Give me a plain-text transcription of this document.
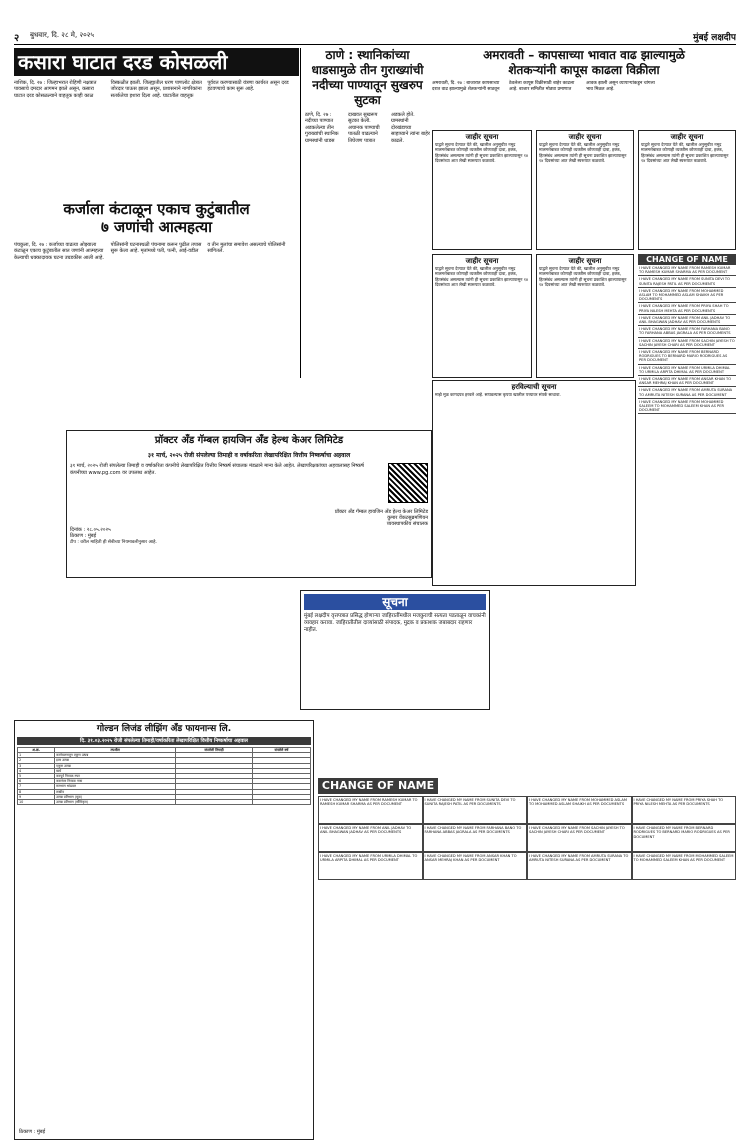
२ बुधवार, दि. २८ मे, २०२५	मुंबई लक्षदीप
कसारा घाटात दरड कोसळली
नाशिक, दि. २७ : जिल्हाभरात रोहिणी नक्षत्रात पावसाचे दमदार आगमन झाले असून, कसारा घाटात दरड कोसळल्याने वाहतूक काही काळ विस्कळीत झाली. जिल्ह्यातील धरण पाणलोट क्षेत्रात जोरदार पाऊस झाला असून, प्रशासनाने नागरिकांना सतर्कतेचा इशारा दिला आहे. घाटातील वाहतूक पूर्ववत करण्यासाठी यंत्रणा कार्यरत असून दरड हटवण्याचे काम सुरू आहे.
कर्जाला कंटाळून एकाच कुटुंबातील
७ जणांची आत्महत्या
पंचकुला, दि. २७ : कर्जाच्या वाढत्या ओझ्याला कंटाळून एकाच कुटुंबातील सात जणांनी आत्महत्या केल्याची धक्कादायक घटना उघडकीस आली आहे. पोलिसांनी घटनास्थळी पंचनामा करून पुढील तपास सुरू केला आहे. मृतांमध्ये पती, पत्नी, आई-वडील व तीन मुलांचा समावेश असल्याचे पोलिसांनी सांगितले.
ठाणे : स्थानिकांच्या धाडसामुळे तीन गुराख्यांची नदीच्या पाण्यातून सुखरुप सुटका
ठाणे, दि. २७ : नदीच्या पाण्यात अडकलेल्या तीन गुराख्यांची स्थानिक ग्रामस्थांनी धाडस दाखवत सुखरूप सुटका केली. अचानक पाण्याची पातळी वाढल्याने तिघेजण पात्रात अडकले होते. ग्रामस्थांनी दोरखंडाच्या साहाय्याने त्यांना बाहेर काढले.
अमरावती – कापसाच्या भावात वाढ झाल्यामुळे
शेतकऱ्यांनी कापूस काढला विक्रीला
अमरावती, दि. २७ : बाजारात कापसाच्या दरात वाढ झाल्यामुळे शेतकऱ्यांनी साठवून ठेवलेला कापूस विक्रीसाठी बाहेर काढला आहे. बाजार समितीत मोठ्या प्रमाणात आवक झाली असून व्यापाऱ्यांकडून चांगला भाव मिळत आहे.
जाहीर सूचना
याद्वारे सूचना देण्यात येते की, खालील अनुसूचीत नमूद मालमत्तेबाबत कोणाही व्यक्तीस कोणताही दावा, हक्क, हितसंबंध असल्यास त्यांनी ही सूचना प्रकाशित झाल्यापासून १४ दिवसांच्या आत लेखी स्वरूपात कळवावे.
जाहीर सूचना
याद्वारे सूचना देण्यात येते की, खालील अनुसूचीत नमूद मालमत्तेबाबत कोणाही व्यक्तीस कोणताही दावा, हक्क, हितसंबंध असल्यास त्यांनी ही सूचना प्रकाशित झाल्यापासून १४ दिवसांच्या आत लेखी स्वरूपात कळवावे.
जाहीर सूचना
याद्वारे सूचना देण्यात येते की, खालील अनुसूचीत नमूद मालमत्तेबाबत कोणाही व्यक्तीस कोणताही दावा, हक्क, हितसंबंध असल्यास त्यांनी ही सूचना प्रकाशित झाल्यापासून १४ दिवसांच्या आत लेखी स्वरूपात कळवावे.
जाहीर सूचना
याद्वारे सूचना देण्यात येते की, खालील अनुसूचीत नमूद मालमत्तेबाबत कोणाही व्यक्तीस कोणताही दावा, हक्क, हितसंबंध असल्यास त्यांनी ही सूचना प्रकाशित झाल्यापासून १४ दिवसांच्या आत लेखी स्वरूपात कळवावे.
जाहीर सूचना
याद्वारे सूचना देण्यात येते की, खालील अनुसूचीत नमूद मालमत्तेबाबत कोणाही व्यक्तीस कोणताही दावा, हक्क, हितसंबंध असल्यास त्यांनी ही सूचना प्रकाशित झाल्यापासून १४ दिवसांच्या आत लेखी स्वरूपात कळवावे.
CHANGE OF NAME
I HAVE CHANGED MY NAME FROM RAMESH KUMAR TO RAMESH KUMAR SHARMA AS PER DOCUMENT
I HAVE CHANGED MY NAME FROM SUNITA DEVI TO SUNITA RAJESH PATIL AS PER DOCUMENTS
I HAVE CHANGED MY NAME FROM MOHAMMED ASLAM TO MOHAMMED ASLAM SHAIKH AS PER DOCUMENTS
I HAVE CHANGED MY NAME FROM PRIYA SHAH TO PRIYA NILESH MEHTA AS PER DOCUMENTS
I HAVE CHANGED MY NAME FROM ANIL JADHAV TO ANIL BHAGWAN JADHAV AS PER DOCUMENTS
I HAVE CHANGED MY NAME FROM FARHANA BANO TO FARHANA ABBAS JAGRALA AS PER DOCUMENTS
I HAVE CHANGED MY NAME FROM SACHIN JAYESH TO SACHIN JAYESH CHARI AS PER DOCUMENT
I HAVE CHANGED MY NAME FROM BERNARD RODRIGUES TO BERNARD MARIO RODRIGUES AS PER DOCUMENT
I HAVE CHANGED MY NAME FROM URMILA DHIMAL TO URMILA ARPITA DHIMAL AS PER DOCUMENT
I HAVE CHANGED MY NAME FROM ANSAR KHAN TO ANSAR MEHRAJ KHAN AS PER DOCUMENT
I HAVE CHANGED MY NAME FROM AMRUTA SURANA TO AMRUTA NITESH SURANA AS PER DOCUMENT
I HAVE CHANGED MY NAME FROM MOHAMMED SALEEM TO MOHAMMED SALEEM KHAN AS PER DOCUMENT
प्रॉक्टर अँड गॅम्बल हायजिन अँड हेल्थ केअर लिमिटेड
३१ मार्च, २०२५ रोजी संपलेल्या तिमाही व वर्षाकरिता लेखापरिक्षित वित्तीय निष्कर्षाचा अहवाल
३१ मार्च, २०२५ रोजी संपलेल्या तिमाही व वर्षाकरिता कंपनीचे लेखापरिक्षित वित्तीय निष्कर्ष संचालक मंडळाने मान्य केले आहेत. लेखापरिक्षकांच्या अहवालासह निष्कर्ष कंपनीच्या www.pg.com वर उपलब्ध आहेत.
प्रॉक्टर अँड गॅम्बल हायजिन अँड हेल्थ केअर लिमिटेड
कुमार वेंकटसुब्रमणियन
व्यवस्थापकीय संचालक
दिनांक : २८.०५.२०२५
ठिकाण : मुंबई
टीप : वरील माहिती ही सेबीच्या नियमावलीनुसार आहे.
सूचना
मुंबई लक्षदीप वृत्तपत्रात प्रसिद्ध होणाऱ्या जाहिरातींमधील मजकुराची सत्यता पडताळून वाचकांनी व्यवहार करावा. जाहिरातीतील दाव्यांसाठी संपादक, मुद्रक व प्रकाशक जबाबदार राहणार नाहीत.
हरविल्याची सूचना
माझे मूळ कागदपत्र हरवले आहे. सापडल्यास कृपया खालील पत्त्यावर संपर्क साधावा.
गोल्डन लिजंड लीझिंग अँड फायनान्स लि.
दि. ३१.०३.२०२५ रोजी संपलेल्या तिमाही/वर्षाकरिता लेखापरिक्षित वित्तीय निष्कर्षाचा अहवाल
अ.क्र.	तपशील	संपलेली तिमाही	संपलेले वर्ष
1	कार्यचलनातून एकूण उत्पन्न		
2	इतर उत्पन्न		
3	एकूण उत्पन्न		
4	खर्च		
5	करपूर्व निव्वळ नफा		
6	करानंतर निव्वळ नफा		
7	समभाग भांडवल		
8	राखीव		
9	उत्पन्न प्रतिभाग (मूळ)		
10	उत्पन्न प्रतिभाग (सौमिकृत)		
ठिकाण : मुंबई
CHANGE OF NAME
I HAVE CHANGED MY NAME FROM RAMESH KUMAR TO RAMESH KUMAR SHARMA AS PER DOCUMENT
I HAVE CHANGED MY NAME FROM SUNITA DEVI TO SUNITA RAJESH PATIL AS PER DOCUMENTS
I HAVE CHANGED MY NAME FROM MOHAMMED ASLAM TO MOHAMMED ASLAM SHAIKH AS PER DOCUMENTS
I HAVE CHANGED MY NAME FROM PRIYA SHAH TO PRIYA NILESH MEHTA AS PER DOCUMENTS
I HAVE CHANGED MY NAME FROM ANIL JADHAV TO ANIL BHAGWAN JADHAV AS PER DOCUMENTS
I HAVE CHANGED MY NAME FROM FARHANA BANO TO FARHANA ABBAS JAGRALA AS PER DOCUMENTS
I HAVE CHANGED MY NAME FROM SACHIN JAYESH TO SACHIN JAYESH CHARI AS PER DOCUMENT
I HAVE CHANGED MY NAME FROM BERNARD RODRIGUES TO BERNARD MARIO RODRIGUES AS PER DOCUMENT
I HAVE CHANGED MY NAME FROM URMILA DHIMAL TO URMILA ARPITA DHIMAL AS PER DOCUMENT
I HAVE CHANGED MY NAME FROM ANSAR KHAN TO ANSAR MEHRAJ KHAN AS PER DOCUMENT
I HAVE CHANGED MY NAME FROM AMRUTA SURANA TO AMRUTA NITESH SURANA AS PER DOCUMENT
I HAVE CHANGED MY NAME FROM MOHAMMED SALEEM TO MOHAMMED SALEEM KHAN AS PER DOCUMENT
